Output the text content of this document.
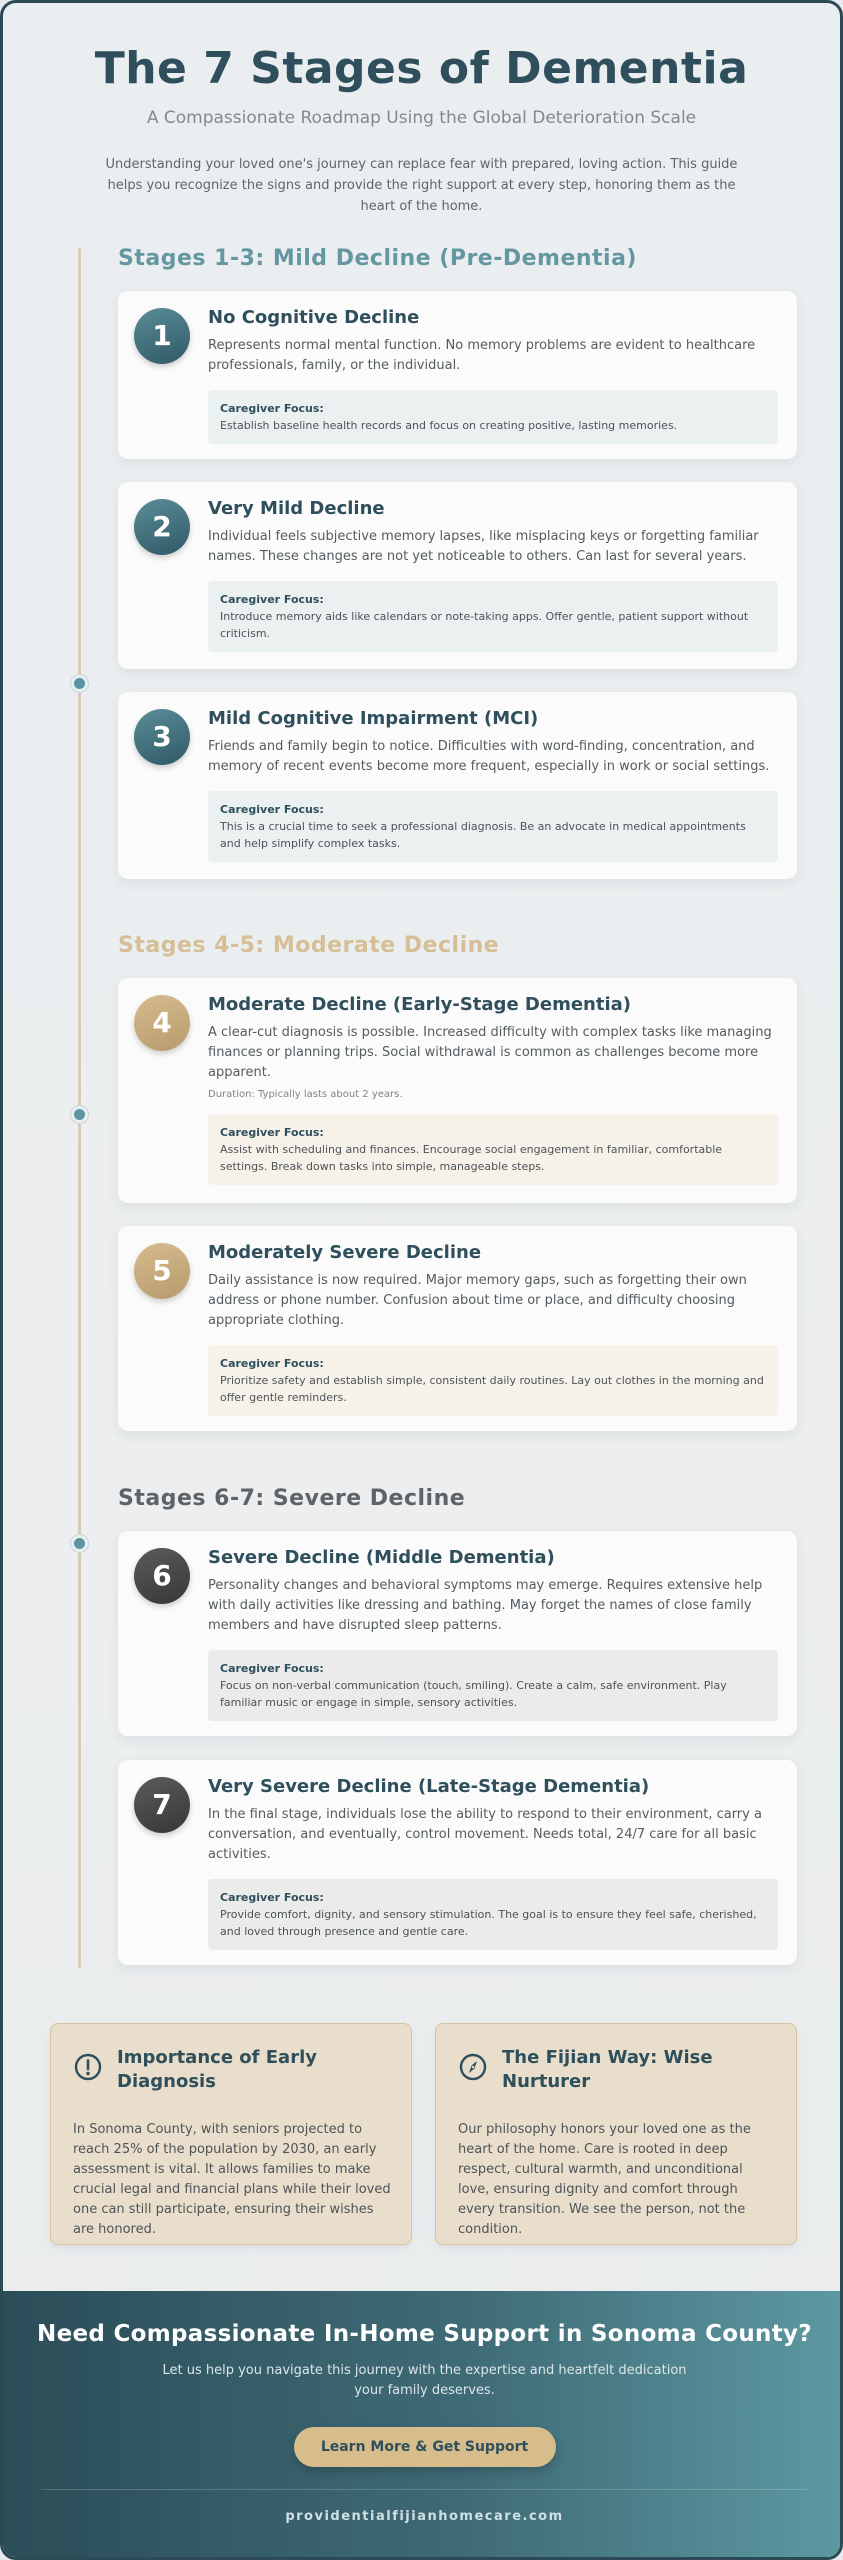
The 7 Stages of Dementia
A Compassionate Roadmap Using the Global Deterioration Scale
Understanding your loved one's journey can replace fear with prepared, loving action. This guide helps you recognize the signs and provide the right support at every step, honoring them as the heart of the home.
Stages 1-3: Mild Decline (Pre-Dementia)
1
No Cognitive Decline
Represents normal mental function. No memory problems are evident to healthcare professionals, family, or the individual.
Caregiver Focus:
Establish baseline health records and focus on creating positive, lasting memories.
2
Very Mild Decline
Individual feels subjective memory lapses, like misplacing keys or forgetting familiar names. These changes are not yet noticeable to others. Can last for several years.
Caregiver Focus:
Introduce memory aids like calendars or note-taking apps. Offer gentle, patient support without criticism.
3
Mild Cognitive Impairment (MCI)
Friends and family begin to notice. Difficulties with word-finding, concentration, and memory of recent events become more frequent, especially in work or social settings.
Caregiver Focus:
This is a crucial time to seek a professional diagnosis. Be an advocate in medical appointments and help simplify complex tasks.
Stages 4-5: Moderate Decline
4
Moderate Decline (Early-Stage Dementia)
A clear-cut diagnosis is possible. Increased difficulty with complex tasks like managing finances or planning trips. Social withdrawal is common as challenges become more apparent.
Duration: Typically lasts about 2 years.
Caregiver Focus:
Assist with scheduling and finances. Encourage social engagement in familiar, comfortable settings. Break down tasks into simple, manageable steps.
5
Moderately Severe Decline
Daily assistance is now required. Major memory gaps, such as forgetting their own address or phone number. Confusion about time or place, and difficulty choosing appropriate clothing.
Caregiver Focus:
Prioritize safety and establish simple, consistent daily routines. Lay out clothes in the morning and offer gentle reminders.
Stages 6-7: Severe Decline
6
Severe Decline (Middle Dementia)
Personality changes and behavioral symptoms may emerge. Requires extensive help with daily activities like dressing and bathing. May forget the names of close family members and have disrupted sleep patterns.
Caregiver Focus:
Focus on non-verbal communication (touch, smiling). Create a calm, safe environment. Play familiar music or engage in simple, sensory activities.
7
Very Severe Decline (Late-Stage Dementia)
In the final stage, individuals lose the ability to respond to their environment, carry a conversation, and eventually, control movement. Needs total, 24/7 care for all basic activities.
Caregiver Focus:
Provide comfort, dignity, and sensory stimulation. The goal is to ensure they feel safe, cherished, and loved through presence and gentle care.
Importance of Early Diagnosis
In Sonoma County, with seniors projected to reach 25% of the population by 2030, an early assessment is vital. It allows families to make crucial legal and financial plans while their loved one can still participate, ensuring their wishes are honored.
The Fijian Way: Wise Nurturer
Our philosophy honors your loved one as the heart of the home. Care is rooted in deep respect, cultural warmth, and unconditional love, ensuring dignity and comfort through every transition. We see the person, not the condition.
Need Compassionate In-Home Support in Sonoma County?
Let us help you navigate this journey with the expertise and heartfelt dedication your family deserves.
Learn More & Get Support
providentialfijianhomecare.com
